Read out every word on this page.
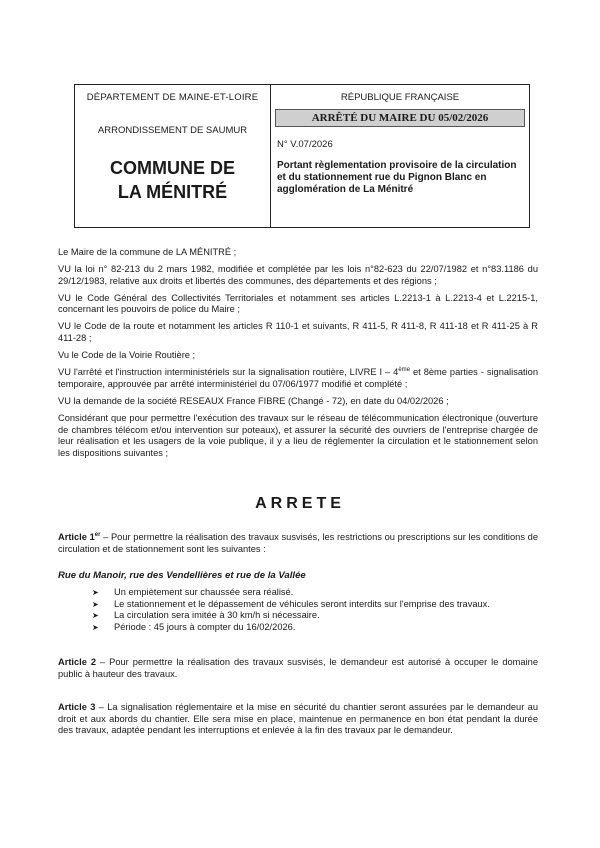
DÉPARTEMENT DE MAINE-ET-LOIRE
ARRONDISSEMENT DE SAUMUR
COMMUNE DE
LA MÉNITRÉ
RÉPUBLIQUE FRANÇAISE
ARRÊTÉ DU MAIRE DU 05/02/2026
N° V.07/2026
Portant règlementation provisoire de la circulation et du stationnement rue du Pignon Blanc en agglomération de La Ménitré

Le Maire de la commune de LA MÉNITRÉ ;

VU la loi n° 82-213 du 2 mars 1982, modifiée et complétée par les lois n°82-623 du 22/07/1982 et n°83.1186 du 29/12/1983, relative aux droits et libertés des communes, des départements et des régions ;

VU le Code Général des Collectivités Territoriales et notamment ses articles L.2213-1 à L.2213-4 et L.2215-1, concernant les pouvoirs de police du Maire ;

VU le Code de la route et notamment les articles R 110-1 et suivants, R 411-5, R 411-8, R 411-18 et R 411-25 à R 411-28 ;

Vu le Code de la Voirie Routière ;

VU l'arrêté et l'instruction interministériels sur la signalisation routière, LIVRE I – 4ème et 8ème parties - signalisation temporaire, approuvée par arrêté interministériel du 07/06/1977 modifié et complété ;

VU la demande de la société RESEAUX France FIBRE (Changé - 72), en date du 04/02/2026 ;

Considérant que pour permettre l'exécution des travaux sur le réseau de télécommunication électronique (ouverture de chambres télécom et/ou intervention sur poteaux), et assurer la sécurité des ouvriers de l'entreprise chargée de leur réalisation et les usagers de la voie publique, il y a lieu de réglementer la circulation et le stationnement selon les dispositions suivantes ;

ARRETE
Article 1er – Pour permettre la réalisation des travaux susvisés, les restrictions ou prescriptions sur les conditions de circulation et de stationnement sont les suivantes :
Rue du Manoir, rue des Vendellières et rue de la Vallée
➤	Un empiètement sur chaussée sera réalisé.
➤	Le stationnement et le dépassement de véhicules seront interdits sur l'emprise des travaux.
➤	La circulation sera imitée à 30 km/h si nécessaire.
➤	Période : 45 jours à compter du 16/02/2026.
Article 2 – Pour permettre la réalisation des travaux susvisés, le demandeur est autorisé à occuper le domaine public à hauteur des travaux.
Article 3 – La signalisation réglementaire et la mise en sécurité du chantier seront assurées par le demandeur au droit et aux abords du chantier. Elle sera mise en place, maintenue en permanence en bon état pendant la durée des travaux, adaptée pendant les interruptions et enlevée à la fin des travaux par le demandeur.
